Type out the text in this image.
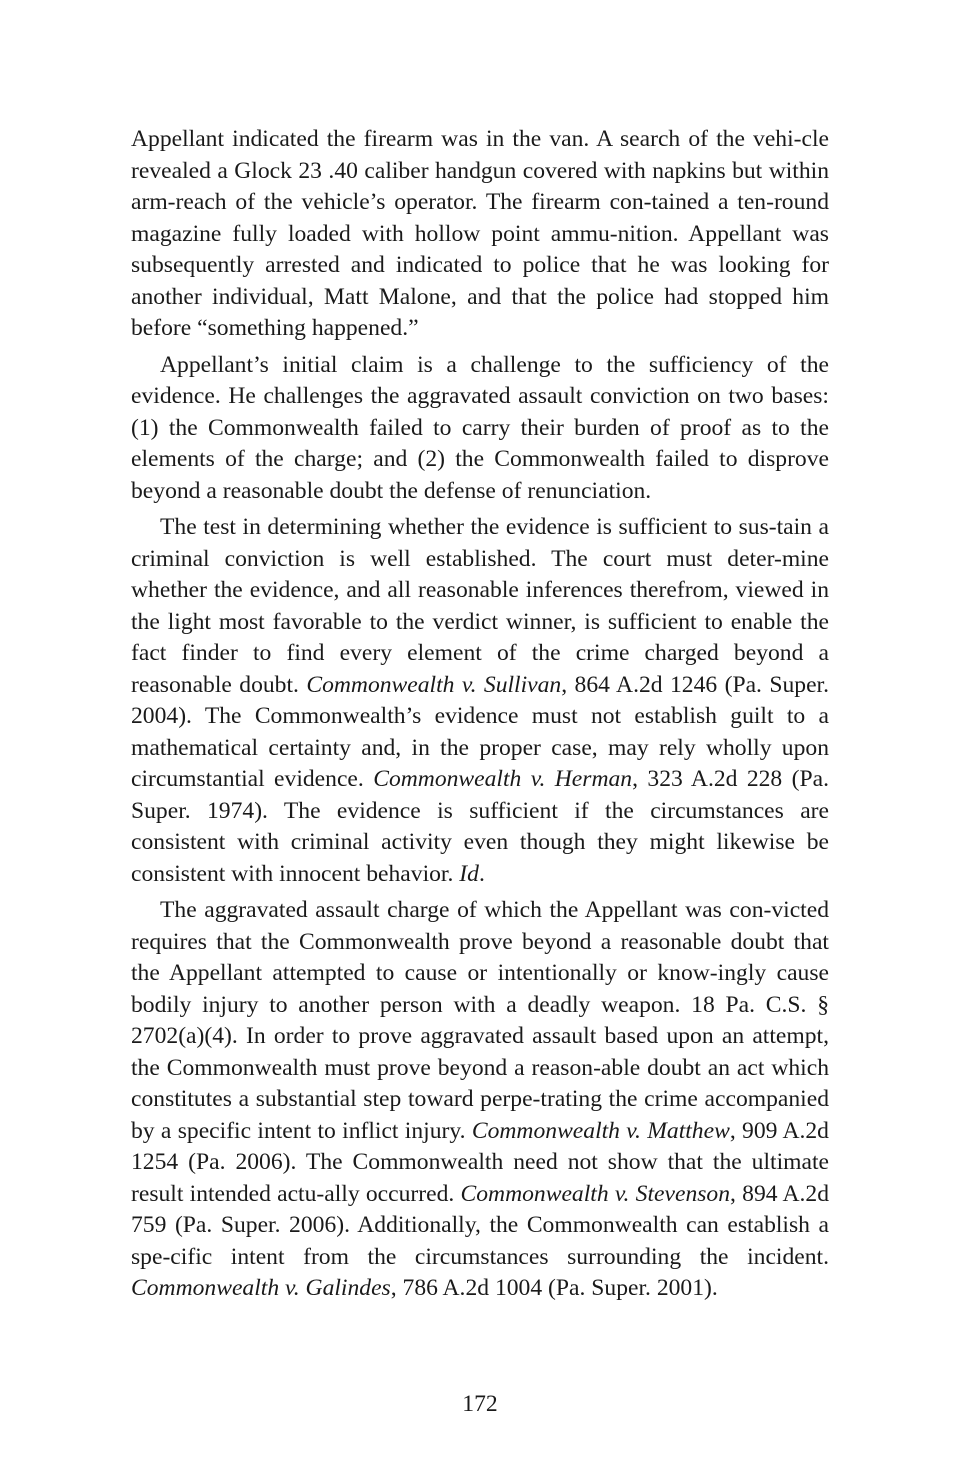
Appellant indicated the firearm was in the van. A search of the vehi-cle revealed a Glock 23 .40 caliber handgun covered with napkins but within arm-reach of the vehicle’s operator. The firearm con-tained a ten-round magazine fully loaded with hollow point ammu-nition. Appellant was subsequently arrested and indicated to police that he was looking for another individual, Matt Malone, and that the police had stopped him before “something happened.”

Appellant’s initial claim is a challenge to the sufficiency of the evidence. He challenges the aggravated assault conviction on two bases: (1) the Commonwealth failed to carry their burden of proof as to the elements of the charge; and (2) the Commonwealth failed to disprove beyond a reasonable doubt the defense of renunciation.

The test in determining whether the evidence is sufficient to sus-tain a criminal conviction is well established. The court must deter-mine whether the evidence, and all reasonable inferences therefrom, viewed in the light most favorable to the verdict winner, is sufficient to enable the fact finder to find every element of the crime charged beyond a reasonable doubt. Commonwealth v. Sullivan, 864 A.2d 1246 (Pa. Super. 2004). The Commonwealth’s evidence must not establish guilt to a mathematical certainty and, in the proper case, may rely wholly upon circumstantial evidence. Commonwealth v. Herman, 323 A.2d 228 (Pa. Super. 1974). The evidence is sufficient if the circumstances are consistent with criminal activity even though they might likewise be consistent with innocent behavior. Id.

The aggravated assault charge of which the Appellant was con-victed requires that the Commonwealth prove beyond a reasonable doubt that the Appellant attempted to cause or intentionally or know-ingly cause bodily injury to another person with a deadly weapon. 18 Pa. C.S. § 2702(a)(4). In order to prove aggravated assault based upon an attempt, the Commonwealth must prove beyond a reason-able doubt an act which constitutes a substantial step toward perpe-trating the crime accompanied by a specific intent to inflict injury. Commonwealth v. Matthew, 909 A.2d 1254 (Pa. 2006). The Commonwealth need not show that the ultimate result intended actu-ally occurred. Commonwealth v. Stevenson, 894 A.2d 759 (Pa. Super. 2006). Additionally, the Commonwealth can establish a spe-cific intent from the circumstances surrounding the incident. Commonwealth v. Galindes, 786 A.2d 1004 (Pa. Super. 2001).

172
